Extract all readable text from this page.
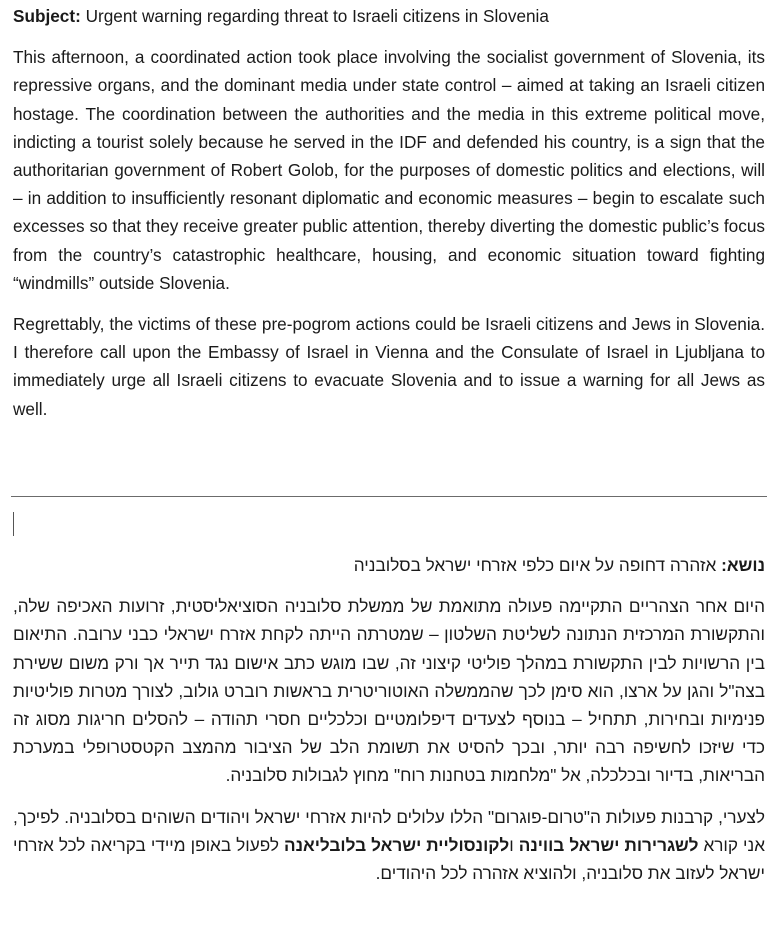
Subject: Urgent warning regarding threat to Israeli citizens in Slovenia

This afternoon, a coordinated action took place involving the socialist government of Slovenia, its repressive organs, and the dominant media under state control – aimed at taking an Israeli citizen hostage. The coordination between the authorities and the media in this extreme political move, indicting a tourist solely because he served in the IDF and defended his country, is a sign that the authoritarian government of Robert Golob, for the purposes of domestic politics and elections, will – in addition to insufficiently resonant diplomatic and economic measures – begin to escalate such excesses so that they receive greater public attention, thereby diverting the domestic public’s focus from the country’s catastrophic healthcare, housing, and economic situation toward fighting “windmills” outside Slovenia.

Regrettably, the victims of these pre-pogrom actions could be Israeli citizens and Jews in Slovenia. I therefore call upon the Embassy of Israel in Vienna and the Consulate of Israel in Ljubljana to immediately urge all Israeli citizens to evacuate Slovenia and to issue a warning for all Jews as well.

נושא: אזהרה דחופה על איום כלפי אזרחי ישראל בסלובניה

היום אחר הצהריים התקיימה פעולה מתואמת של ממשלת סלובניה הסוציאליסטית, זרועות האכיפה שלה, והתקשורת המרכזית הנתונה לשליטת השלטון – שמטרתה הייתה לקחת אזרח ישראלי כבני ערובה. התיאום בין הרשויות לבין התקשורת במהלך פוליטי קיצוני זה, שבו מוגש כתב אישום נגד תייר אך ורק משום ששירת בצה"ל והגן על ארצו, הוא סימן לכך שהממשלה האוטוריטרית בראשות רוברט גולוב, לצורך מטרות פוליטיות פנימיות ובחירות, תתחיל – בנוסף לצעדים דיפלומטיים וכלכליים חסרי תהודה – להסלים חריגות מסוג זה כדי שיזכו לחשיפה רבה יותר, ובכך להסיט את תשומת הלב של הציבור מהמצב הקטסטרופלי במערכת הבריאות, בדיור ובכלכלה, אל "מלחמות בטחנות רוח" מחוץ לגבולות סלובניה.

לצערי, קרבנות פעולות ה"טרום-פוגרום" הללו עלולים להיות אזרחי ישראל ויהודים השוהים בסלובניה. לפיכך, אני קורא לשגרירות ישראל בווינה ולקונסוליית ישראל בלובליאנה לפעול באופן מיידי בקריאה לכל אזרחי ישראל לעזוב את סלובניה, ולהוציא אזהרה לכל היהודים.
